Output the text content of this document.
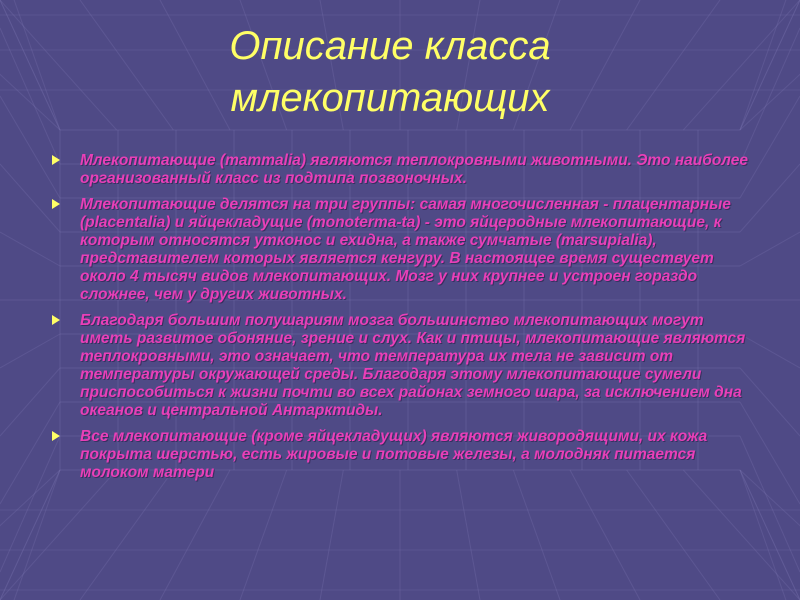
Описание класса млекопитающих
Млекопитающие (mammalia) являются теплокровными животными. Это наиболее организованный класс из подтипа позвоночных.
Млекопитающие делятся на три группы: самая многочисленная - плацентарные (placentalia) и яйцекладущие (monoterma-ta) - это яйцеродные млекопитающие, к которым относятся утконос и ехидна, а также сумчатые (marsupialia), представителем которых является кенгуру. В настоящее время существует около 4 тысяч видов млекопитающих. Мозг у них крупнее и устроен гораздо сложнее, чем у других животных.
Благодаря большим полушариям мозга большинство млекопитающих могут иметь развитое обоняние, зрение и слух. Как и птицы, млекопитающие являются теплокровными, это означает, что температура их тела не зависит от температуры окружающей среды. Благодаря этому млекопитающие сумели приспособиться к жизни почти во всех районах земного шара, за исключением дна океанов и центральной Антарктиды.
Все млекопитающие (кроме яйцекладущих) являются живородящими, их кожа покрыта шерстью, есть жировые и потовые железы, а молодняк питается молоком матери
